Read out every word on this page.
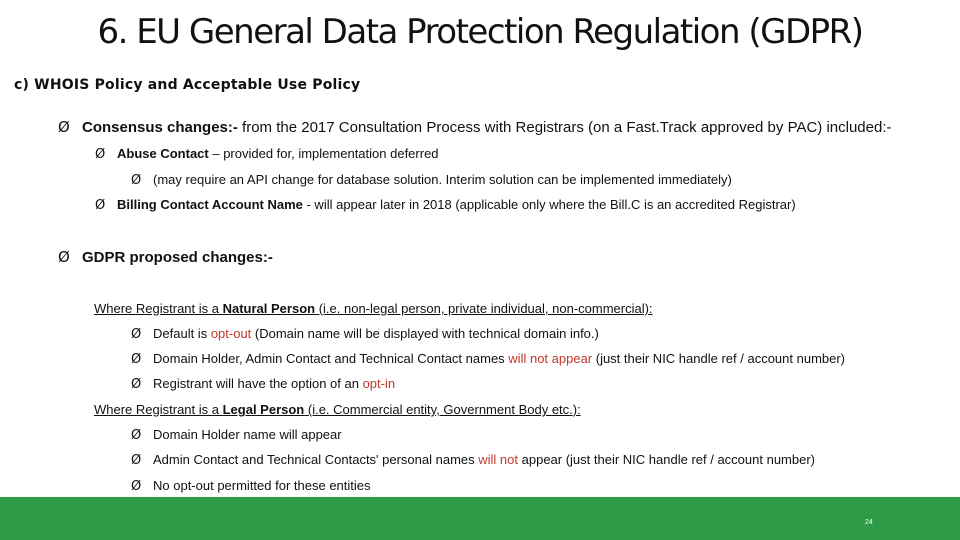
6. EU General Data Protection Regulation (GDPR)
c) WHOIS Policy and Acceptable Use Policy
Ø Consensus changes:- from the 2017 Consultation Process with Registrars (on a Fast.Track approved by PAC) included:-
Ø Abuse Contact – provided for, implementation deferred
Ø (may require an API change for database solution. Interim solution can be implemented immediately)
Ø Billing Contact Account Name - will appear later in 2018 (applicable only where the Bill.C is an accredited Registrar)
Ø GDPR proposed changes:-
Where Registrant is a Natural Person (i.e. non-legal person, private individual, non-commercial):
Ø Default is opt-out (Domain name will be displayed with technical domain info.)
Ø Domain Holder, Admin Contact and Technical Contact names will not appear (just their NIC handle ref / account number)
Ø Registrant will have the option of an opt-in
Where Registrant is a Legal Person (i.e. Commercial entity, Government Body etc.):
Ø Domain Holder name will appear
Ø Admin Contact and Technical Contacts' personal names will not appear (just their NIC handle ref / account number)
Ø No opt-out permitted for these entities
24
